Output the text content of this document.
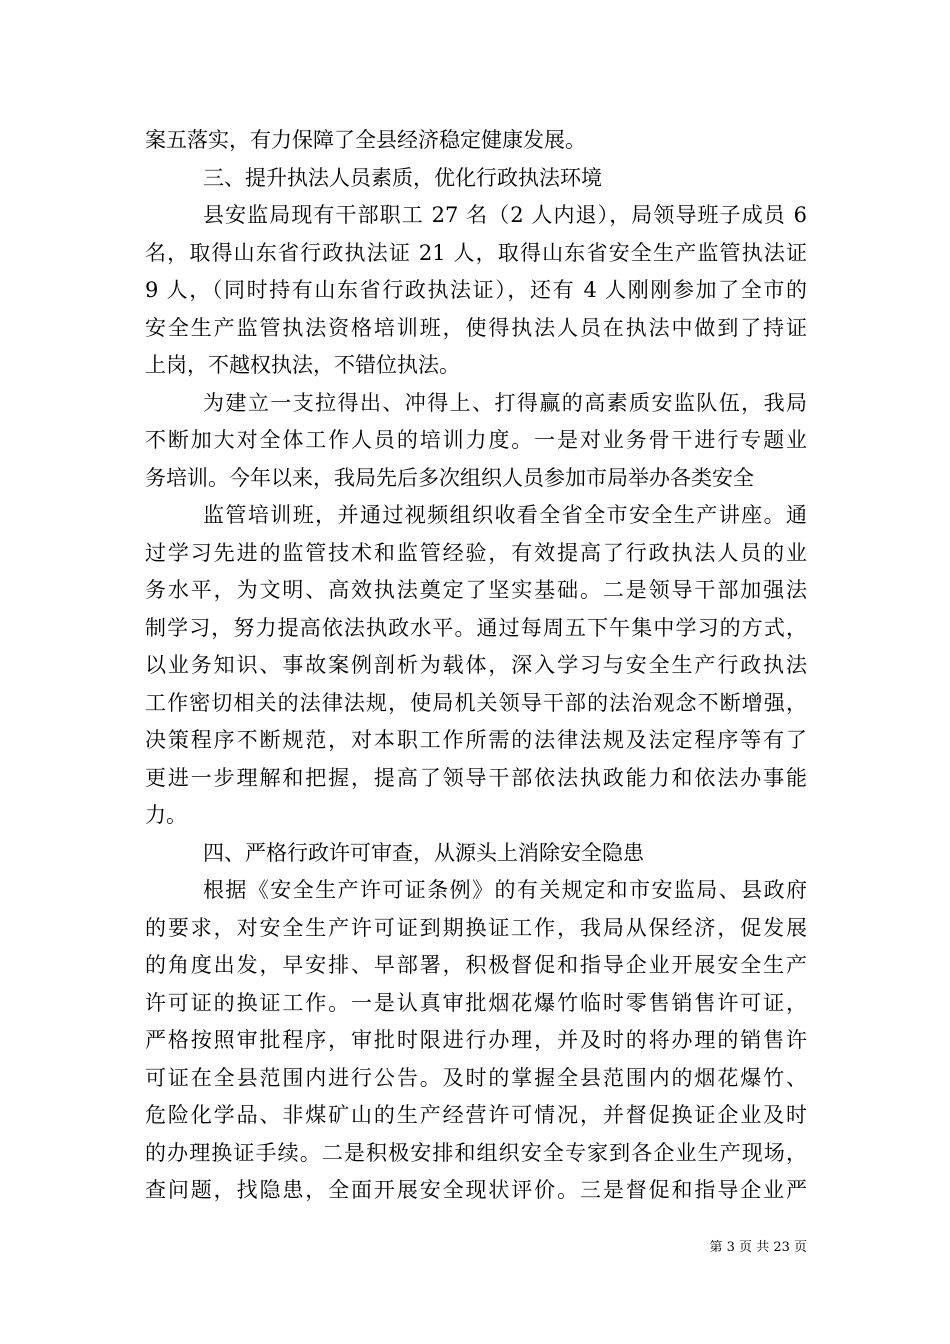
案五落实，有力保障了全县经济稳定健康发展。
三、提升执法人员素质，优化行政执法环境
县安监局现有干部职工 27 名（2 人内退），局领导班子成员 6
名，取得山东省行政执法证 21 人，取得山东省安全生产监管执法证
9 人，（同时持有山东省行政执法证），还有 4 人刚刚参加了全市的
安全生产监管执法资格培训班，使得执法人员在执法中做到了持证
上岗，不越权执法，不错位执法。
为建立一支拉得出、冲得上、打得赢的高素质安监队伍，我局
不断加大对全体工作人员的培训力度。一是对业务骨干进行专题业
务培训。今年以来，我局先后多次组织人员参加市局举办各类安全
监管培训班，并通过视频组织收看全省全市安全生产讲座。通
过学习先进的监管技术和监管经验，有效提高了行政执法人员的业
务水平，为文明、高效执法奠定了坚实基础。二是领导干部加强法
制学习，努力提高依法执政水平。通过每周五下午集中学习的方式，
以业务知识、事故案例剖析为载体，深入学习与安全生产行政执法
工作密切相关的法律法规，使局机关领导干部的法治观念不断增强，
决策程序不断规范，对本职工作所需的法律法规及法定程序等有了
更进一步理解和把握，提高了领导干部依法执政能力和依法办事能
力。
四、严格行政许可审查，从源头上消除安全隐患
根据《安全生产许可证条例》的有关规定和市安监局、县政府
的要求，对安全生产许可证到期换证工作，我局从保经济，促发展
的角度出发，早安排、早部署，积极督促和指导企业开展安全生产
许可证的换证工作。一是认真审批烟花爆竹临时零售销售许可证，
严格按照审批程序，审批时限进行办理，并及时的将办理的销售许
可证在全县范围内进行公告。及时的掌握全县范围内的烟花爆竹、
危险化学品、非煤矿山的生产经营许可情况，并督促换证企业及时
的办理换证手续。二是积极安排和组织安全专家到各企业生产现场，
查问题，找隐患，全面开展安全现状评价。三是督促和指导企业严
第 3 页 共 23 页
